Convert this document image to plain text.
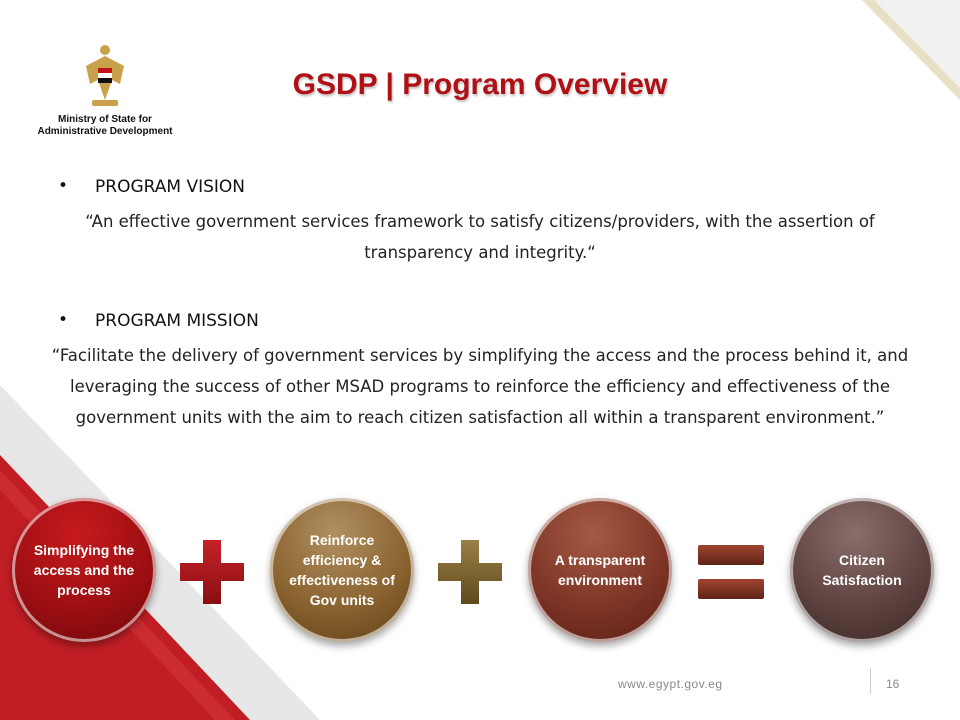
Ministry of State for
Administrative Development
GSDP | Program Overview
• PROGRAM VISION
“An effective government services framework to satisfy citizens/providers, with the assertion of transparency and integrity.“
• PROGRAM MISSION
“Facilitate the delivery of government services by simplifying the access and the process behind it, and leveraging the success of other MSAD programs to reinforce the efficiency and effectiveness of the government units with the aim to reach citizen satisfaction all within a transparent environment.”
Simplifying the access and the process
Reinforce efficiency & effectiveness of Gov units
A transparent environment
Citizen Satisfaction
www.egypt.gov.eg	16
